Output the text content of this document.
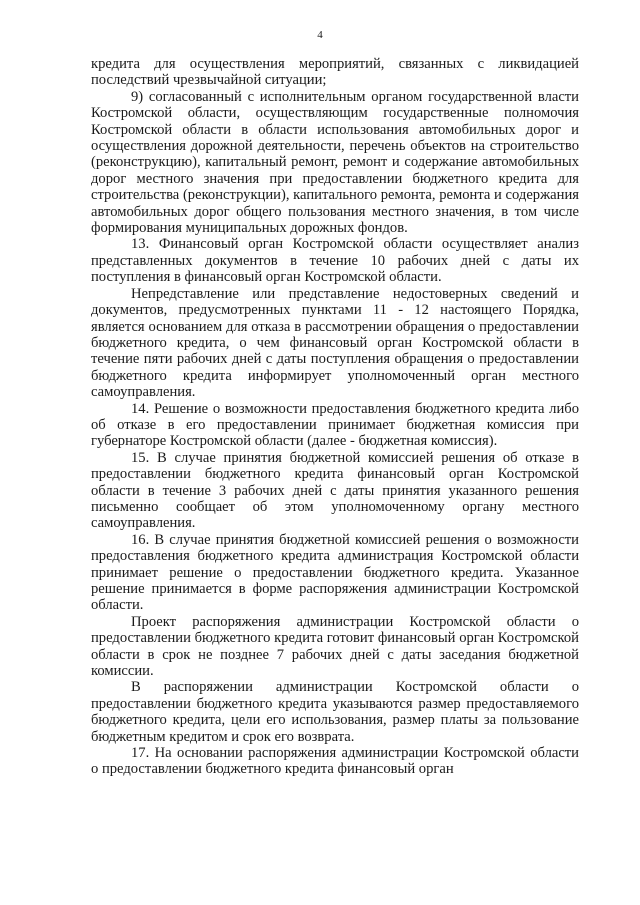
4

кредита для осуществления мероприятий, связанных с ликвидацией последствий чрезвычайной ситуации;

9) согласованный с исполнительным органом государственной власти Костромской области, осуществляющим государственные полномочия Костромской области в области использования автомобильных дорог и осуществления дорожной деятельности, перечень объектов на строительство (реконструкцию), капитальный ремонт, ремонт и содержание автомобильных дорог местного значения при предоставлении бюджетного кредита для строительства (реконструкции), капитального ремонта, ремонта и содержания автомобильных дорог общего пользования местного значения, в том числе формирования муниципальных дорожных фондов.

13. Финансовый орган Костромской области осуществляет анализ представленных документов в течение 10 рабочих дней с даты их поступления в финансовый орган Костромской области.

Непредставление или представление недостоверных сведений и документов, предусмотренных пунктами 11 - 12 настоящего Порядка, является основанием для отказа в рассмотрении обращения о предоставлении бюджетного кредита, о чем финансовый орган Костромской области в течение пяти рабочих дней с даты поступления обращения о предоставлении бюджетного кредита информирует уполномоченный орган местного самоуправления.

14. Решение о возможности предоставления бюджетного кредита либо об отказе в его предоставлении принимает бюджетная комиссия при губернаторе Костромской области (далее - бюджетная комиссия).

15. В случае принятия бюджетной комиссией решения об отказе в предоставлении бюджетного кредита финансовый орган Костромской области в течение 3 рабочих дней с даты принятия указанного решения письменно сообщает об этом уполномоченному органу местного самоуправления.

16. В случае принятия бюджетной комиссией решения о возможности предоставления бюджетного кредита администрация Костромской области принимает решение о предоставлении бюджетного кредита. Указанное решение принимается в форме распоряжения администрации Костромской области.

Проект распоряжения администрации Костромской области о предоставлении бюджетного кредита готовит финансовый орган Костромской области в срок не позднее 7 рабочих дней с даты заседания бюджетной комиссии.

В распоряжении администрации Костромской области о предоставлении бюджетного кредита указываются размер предоставляемого бюджетного кредита, цели его использования, размер платы за пользование бюджетным кредитом и срок его возврата.

17. На основании распоряжения администрации Костромской области о предоставлении бюджетного кредита финансовый орган
